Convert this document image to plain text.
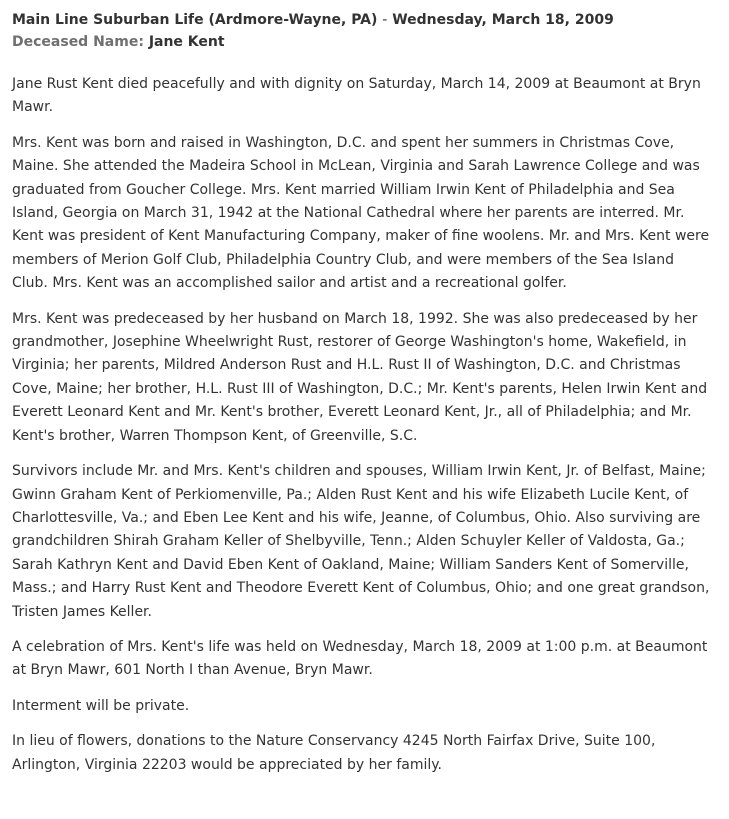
Main Line Suburban Life (Ardmore-Wayne, PA) - Wednesday, March 18, 2009
Deceased Name: Jane Kent

Jane Rust Kent died peacefully and with dignity on Saturday, March 14, 2009 at Beaumont at Bryn Mawr.

Mrs. Kent was born and raised in Washington, D.C. and spent her summers in Christmas Cove, Maine. She attended the Madeira School in McLean, Virginia and Sarah Lawrence College and was graduated from Goucher College. Mrs. Kent married William Irwin Kent of Philadelphia and Sea Island, Georgia on March 31, 1942 at the National Cathedral where her parents are interred. Mr. Kent was president of Kent Manufacturing Company, maker of fine woolens. Mr. and Mrs. Kent were members of Merion Golf Club, Philadelphia Country Club, and were members of the Sea Island Club. Mrs. Kent was an accomplished sailor and artist and a recreational golfer.

Mrs. Kent was predeceased by her husband on March 18, 1992. She was also predeceased by her grandmother, Josephine Wheelwright Rust, restorer of George Washington's home, Wakefield, in Virginia; her parents, Mildred Anderson Rust and H.L. Rust II of Washington, D.C. and Christmas Cove, Maine; her brother, H.L. Rust III of Washington, D.C.; Mr. Kent's parents, Helen Irwin Kent and Everett Leonard Kent and Mr. Kent's brother, Everett Leonard Kent, Jr., all of Philadelphia; and Mr. Kent's brother, Warren Thompson Kent, of Greenville, S.C.

Survivors include Mr. and Mrs. Kent's children and spouses, William Irwin Kent, Jr. of Belfast, Maine; Gwinn Graham Kent of Perkiomenville, Pa.; Alden Rust Kent and his wife Elizabeth Lucile Kent, of Charlottesville, Va.; and Eben Lee Kent and his wife, Jeanne, of Columbus, Ohio. Also surviving are grandchildren Shirah Graham Keller of Shelbyville, Tenn.; Alden Schuyler Keller of Valdosta, Ga.; Sarah Kathryn Kent and David Eben Kent of Oakland, Maine; William Sanders Kent of Somerville, Mass.; and Harry Rust Kent and Theodore Everett Kent of Columbus, Ohio; and one great grandson, Tristen James Keller.

A celebration of Mrs. Kent's life was held on Wednesday, March 18, 2009 at 1:00 p.m. at Beaumont at Bryn Mawr, 601 North I than Avenue, Bryn Mawr.

Interment will be private.

In lieu of flowers, donations to the Nature Conservancy 4245 North Fairfax Drive, Suite 100, Arlington, Virginia 22203 would be appreciated by her family.
